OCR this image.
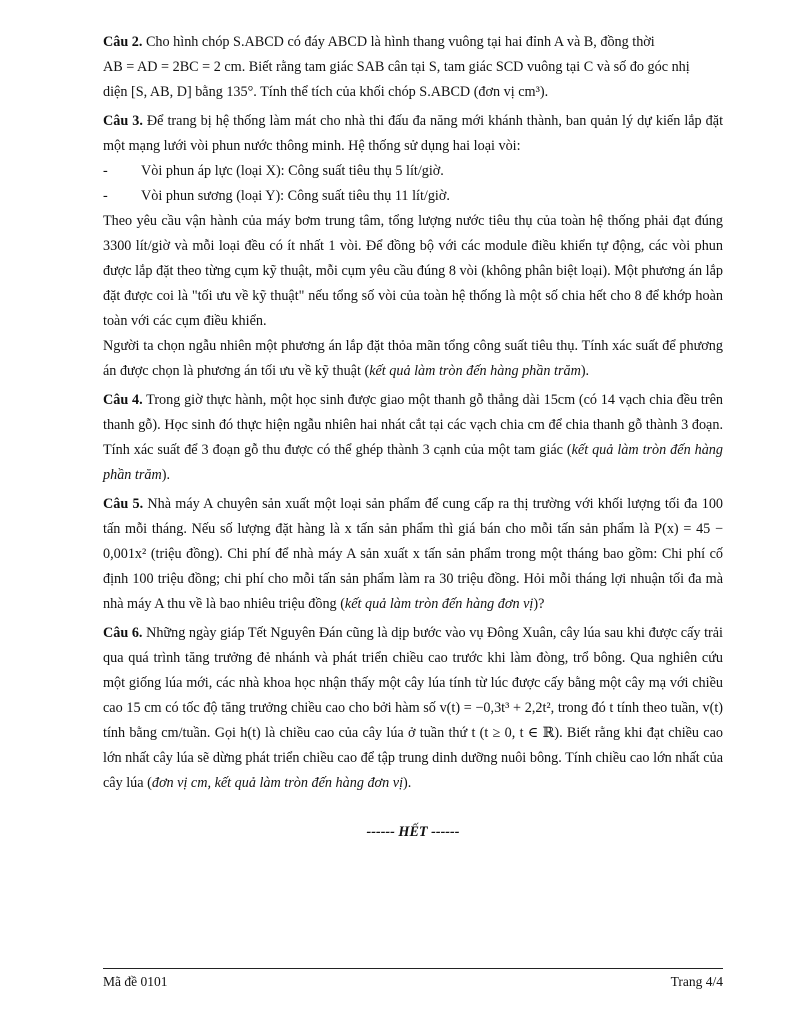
Câu 2. Cho hình chóp S.ABCD có đáy ABCD là hình thang vuông tại hai đỉnh A và B, đồng thời
AB = AD = 2BC = 2 cm. Biết rằng tam giác SAB cân tại S, tam giác SCD vuông tại C và số đo góc nhị
diện [S, AB, D] bằng 135°. Tính thể tích của khối chóp S.ABCD (đơn vị cm³).

Câu 3. Để trang bị hệ thống làm mát cho nhà thi đấu đa năng mới khánh thành, ban quản lý dự kiến lắp đặt một mạng lưới vòi phun nước thông minh. Hệ thống sử dụng hai loại vòi:

- Vòi phun áp lực (loại X): Công suất tiêu thụ 5 lít/giờ.
- Vòi phun sương (loại Y): Công suất tiêu thụ 11 lít/giờ.

Theo yêu cầu vận hành của máy bơm trung tâm, tổng lượng nước tiêu thụ của toàn hệ thống phải đạt đúng 3300 lít/giờ và mỗi loại đều có ít nhất 1 vòi. Để đồng bộ với các module điều khiển tự động, các vòi phun được lắp đặt theo từng cụm kỹ thuật, mỗi cụm yêu cầu đúng 8 vòi (không phân biệt loại). Một phương án lắp đặt được coi là "tối ưu về kỹ thuật" nếu tổng số vòi của toàn hệ thống là một số chia hết cho 8 để khớp hoàn toàn với các cụm điều khiển.

Người ta chọn ngẫu nhiên một phương án lắp đặt thỏa mãn tổng công suất tiêu thụ. Tính xác suất để phương án được chọn là phương án tối ưu về kỹ thuật (kết quả làm tròn đến hàng phần trăm).

Câu 4. Trong giờ thực hành, một học sinh được giao một thanh gỗ thẳng dài 15cm (có 14 vạch chia đều trên thanh gỗ). Học sinh đó thực hiện ngẫu nhiên hai nhát cắt tại các vạch chia cm để chia thanh gỗ thành 3 đoạn. Tính xác suất để 3 đoạn gỗ thu được có thể ghép thành 3 cạnh của một tam giác (kết quả làm tròn đến hàng phần trăm).

Câu 5. Nhà máy A chuyên sản xuất một loại sản phẩm để cung cấp ra thị trường với khối lượng tối đa 100 tấn mỗi tháng. Nếu số lượng đặt hàng là x tấn sản phẩm thì giá bán cho mỗi tấn sản phẩm là P(x) = 45 − 0,001x² (triệu đồng). Chi phí để nhà máy A sản xuất x tấn sản phẩm trong một tháng bao gồm: Chi phí cố định 100 triệu đồng; chi phí cho mỗi tấn sản phẩm làm ra 30 triệu đồng. Hỏi mỗi tháng lợi nhuận tối đa mà nhà máy A thu về là bao nhiêu triệu đồng (kết quả làm tròn đến hàng đơn vị)?

Câu 6. Những ngày giáp Tết Nguyên Đán cũng là dịp bước vào vụ Đông Xuân, cây lúa sau khi được cấy trải qua quá trình tăng trưởng đẻ nhánh và phát triển chiều cao trước khi làm đòng, trổ bông. Qua nghiên cứu một giống lúa mới, các nhà khoa học nhận thấy một cây lúa tính từ lúc được cấy bằng một cây mạ với chiều cao 15 cm có tốc độ tăng trưởng chiều cao cho bởi hàm số v(t) = −0,3t³ + 2,2t², trong đó t tính theo tuần, v(t) tính bằng cm/tuần. Gọi h(t) là chiều cao của cây lúa ở tuần thứ t (t ≥ 0, t ∈ ℝ). Biết rằng khi đạt chiều cao lớn nhất cây lúa sẽ dừng phát triển chiều cao để tập trung dinh dưỡng nuôi bông. Tính chiều cao lớn nhất của cây lúa (đơn vị cm, kết quả làm tròn đến hàng đơn vị).

------ HẾT ------
Mã đề 0101	Trang 4/4
